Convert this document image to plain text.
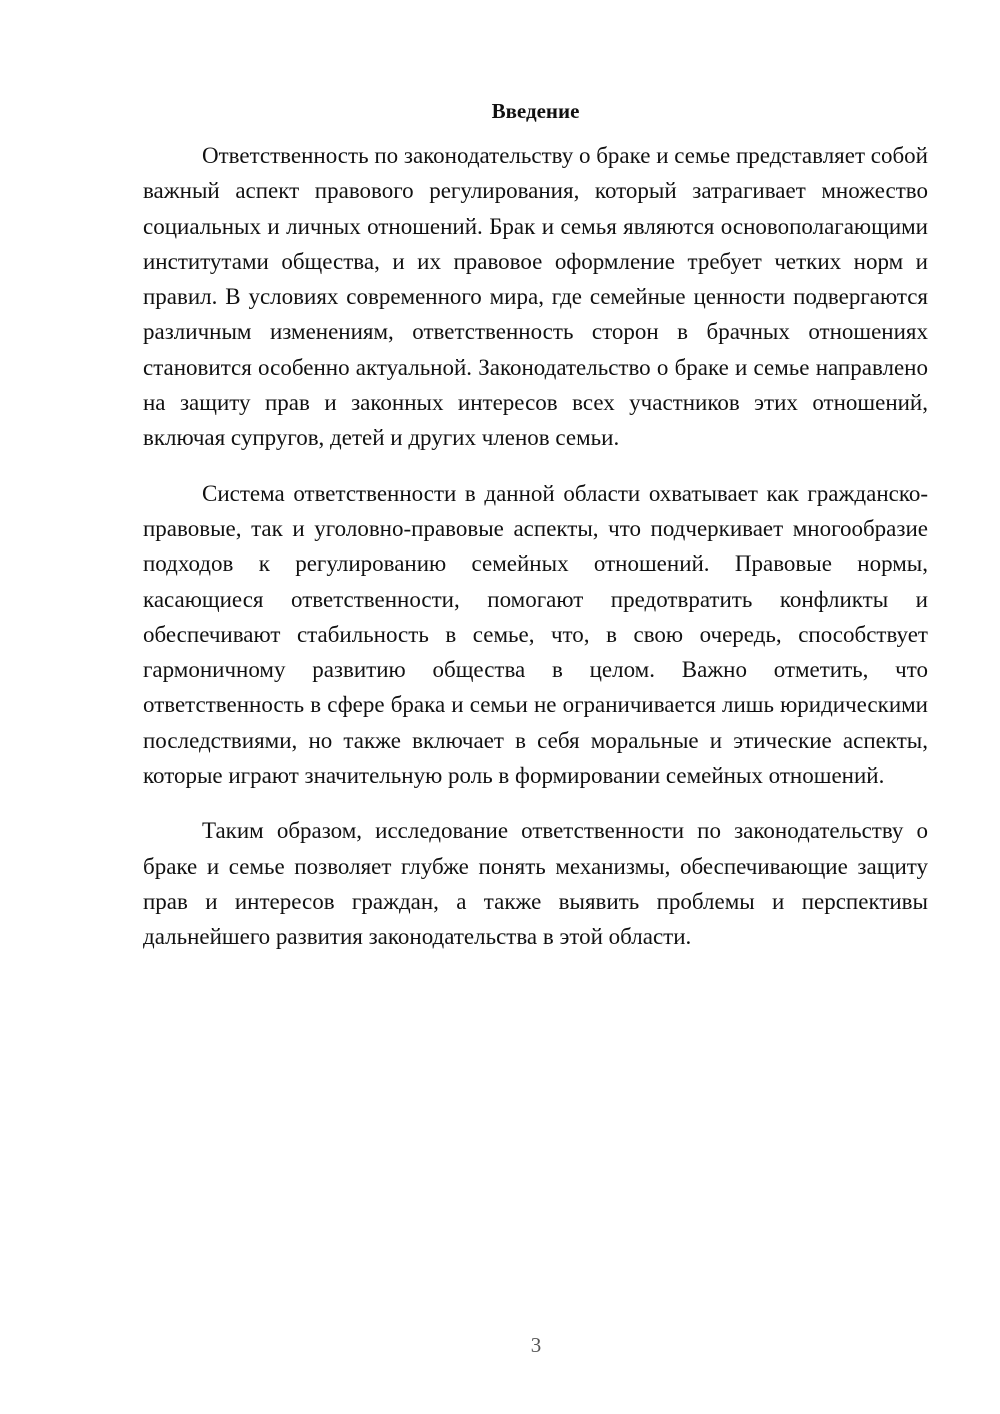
Введение

Ответственность по законодательству о браке и семье представляет собой важный аспект правового регулирования, который затрагивает множество социальных и личных отношений. Брак и семья являются основополагающими институтами общества, и их правовое оформление требует четких норм и правил. В условиях современного мира, где семейные ценности подвергаются различным изменениям, ответственность сторон в брачных отношениях становится особенно актуальной. Законодательство о браке и семье направлено на защиту прав и законных интересов всех участников этих отношений, включая супругов, детей и других членов семьи.

Система ответственности в данной области охватывает как гражданско-правовые, так и уголовно-правовые аспекты, что подчеркивает многообразие подходов к регулированию семейных отношений. Правовые нормы, касающиеся ответственности, помогают предотвратить конфликты и обеспечивают стабильность в семье, что, в свою очередь, способствует гармоничному развитию общества в целом. Важно отметить, что ответственность в сфере брака и семьи не ограничивается лишь юридическими последствиями, но также включает в себя моральные и этические аспекты, которые играют значительную роль в формировании семейных отношений.

Таким образом, исследование ответственности по законодательству о браке и семье позволяет глубже понять механизмы, обеспечивающие защиту прав и интересов граждан, а также выявить проблемы и перспективы дальнейшего развития законодательства в этой области.

3
